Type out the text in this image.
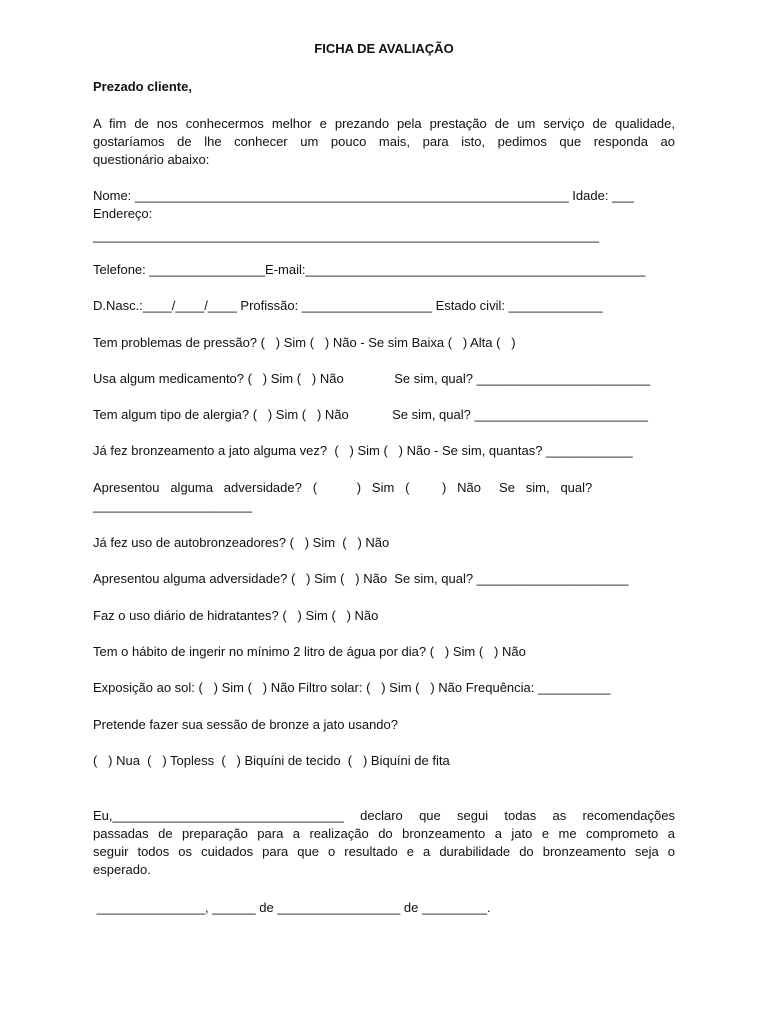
FICHA DE AVALIAÇÃO
Prezado cliente,
A fim de nos conhecermos melhor e prezando pela prestação de um serviço de qualidade,
gostaríamos de lhe conhecer um pouco mais, para isto, pedimos que responda ao
questionário abaixo:
Nome: ____________________________________________________________ Idade: ___
Endereço:
______________________________________________________________________
Telefone: ________________E-mail:_______________________________________________
D.Nasc.:____/____/____ Profissão: __________________ Estado civil: _____________
Tem problemas de pressão? (   ) Sim (   ) Não - Se sim Baixa (   ) Alta (   )
Usa algum medicamento? (   ) Sim (   ) Não              Se sim, qual? ________________________
Tem algum tipo de alergia? (   ) Sim (   ) Não            Se sim, qual? ________________________
Já fez bronzeamento a jato alguma vez?  (   ) Sim (   ) Não - Se sim, quantas? ____________
Apresentou   alguma   adversidade?   (           )   Sim   (         )   Não     Se   sim,   qual?
______________________
Já fez uso de autobronzeadores? (   ) Sim  (   ) Não
Apresentou alguma adversidade? (   ) Sim (   ) Não  Se sim, qual? _____________________
Faz o uso diário de hidratantes? (   ) Sim (   ) Não
Tem o hábito de ingerir no mínimo 2 litro de água por dia? (   ) Sim (   ) Não
Exposição ao sol: (   ) Sim (   ) Não Filtro solar: (   ) Sim (   ) Não Frequência: __________
Pretende fazer sua sessão de bronze a jato usando?
(   ) Nua  (   ) Topless  (   ) Biquíni de tecido  (   ) Biquíni de fita
Eu,________________________________ declaro que segui todas as recomendações
passadas de preparação para a realização do bronzeamento a jato e me comprometo a
seguir todos os cuidados para que o resultado e a durabilidade do bronzeamento seja o
esperado.
_______________, ______ de _________________ de _________.
